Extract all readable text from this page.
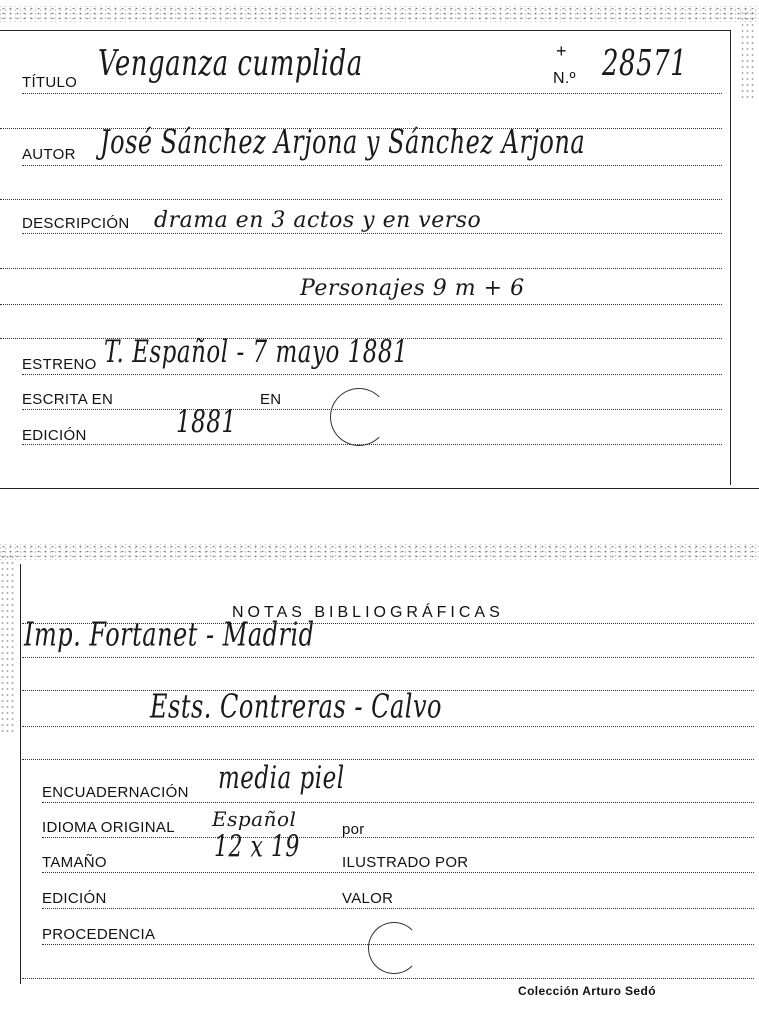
TÍTULO Venganza cumplida	N.º
+ 28571
AUTOR José Sánchez Arjona y Sánchez Arjona
DESCRIPCIÓN drama en 3 actos y en verso
Personajes 9 m + 6
ESTRENO T. Español - 7 mayo 1881
ESCRITA EN	EN
EDICIÓN	1881
NOTAS BIBLIOGRÁFICAS
Imp. Fortanet - Madrid
Ests. Contreras - Calvo
ENCUADERNACIÓN media piel
IDIOMA ORIGINAL Español	por
TAMAÑO	12 x 19	ILUSTRADO POR
EDICIÓN	VALOR
PROCEDENCIA
Colección Arturo Sedó
